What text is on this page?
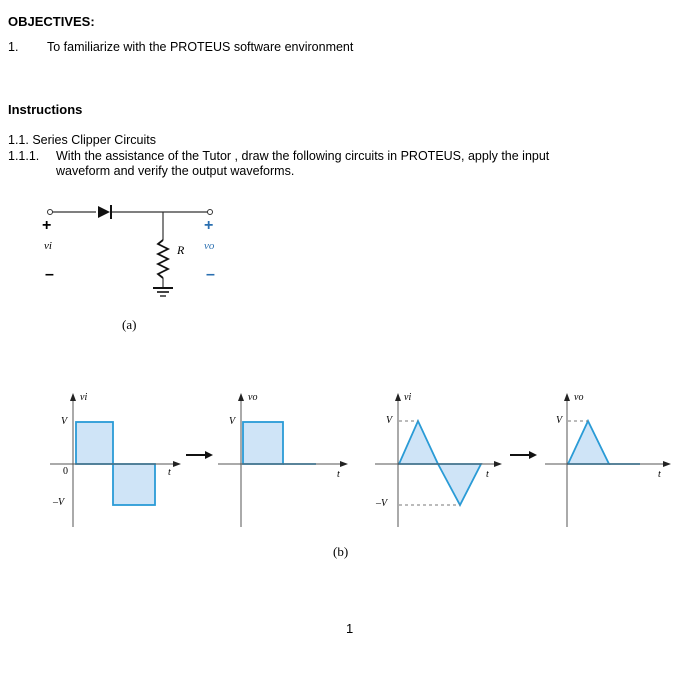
OBJECTIVES:
1. To familiarize with the PROTEUS software environment
Instructions
1.1. Series Clipper Circuits
1.1.1. With the assistance of the Tutor , draw the following circuits in PROTEUS, apply the input
waveform and verify the output waveforms.
+
vi
–
R
+
vo
–
(a)
vi
V
0
–V
t
vo
V
t
vi
V
–V
t
vo
V
t
(b)
1
